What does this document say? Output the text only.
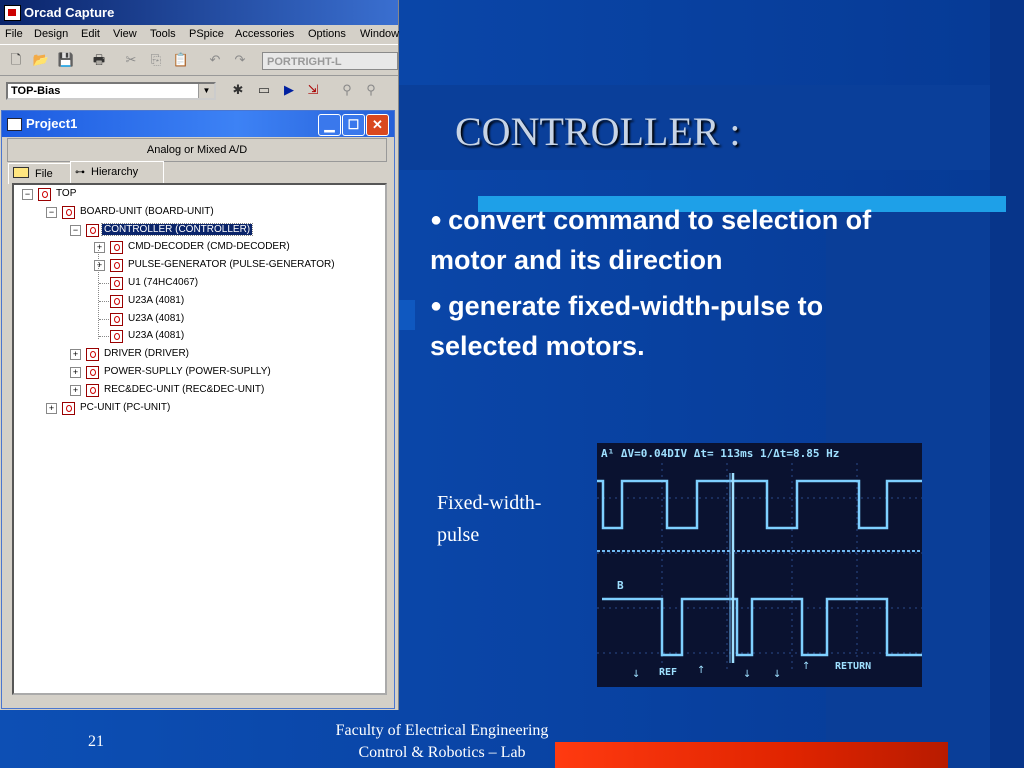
Orcad Capture
File Design Edit View Tools PSpice Accessories Options Window
🗋 📂 💾 🖶	✂	⎘ 📋	↶	↷	PORTRIGHT-L
✱	▭	▶	⇲	⚲	⚲
TOP-Bias	▼
Project1	▁	☐ ✕
Analog or Mixed A/D
File	⊶ Hierarchy
−	TOP
−	BOARD-UNIT (BOARD-UNIT)
−	CONTROLLER (CONTROLLER)
+	CMD-DECODER (CMD-DECODER)
+	PULSE-GENERATOR (PULSE-GENERATOR)
U1 (74HC4067)
U23A (4081)
U23A (4081)
U23A (4081)
+	DRIVER (DRIVER)
+	POWER-SUPLLY (POWER-SUPLLY)
+	REC&DEC-UNIT (REC&DEC-UNIT)
+	PC-UNIT (PC-UNIT)
CONTROLLER :
● convert command to selection of motor and its direction
● generate fixed-width-pulse to selected motors.
Fixed-width-pulse
A¹ ΔV=0.04DIV Δt= 113ms 1/Δt=8.85 Hz
B
REF
RETURN
↓	↑	↓ ↓
↑
21
Faculty of Electrical Engineering
Control & Robotics – Lab
